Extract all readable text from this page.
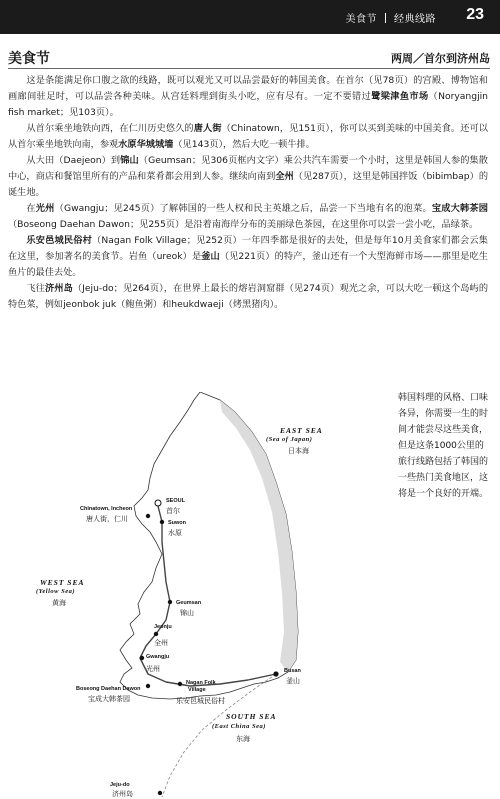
美食节 经典线路 23
美食节	两周／首尔到济州岛

这是条能满足你口腹之欲的线路，既可以观光又可以品尝最好的韩国美食。在首尔（见78页）的宫殿、博物馆和画廊间驻足时，可以品尝各种美味。从宫廷料理到街头小吃，应有尽有。一定不要错过鹭梁津鱼市场（Noryangjin fish market；见103页）。

从首尔乘坐地铁向西，在仁川历史悠久的唐人街（Chinatown，见151页），你可以买到美味的中国美食。还可以从首尔乘坐地铁向南，参观水原华城城墙（见143页），然后大吃一顿牛排。

从大田（Daejeon）到锦山（Geumsan；见306页框内文字）乘公共汽车需要一个小时，这里是韩国人参的集散中心，商店和餐馆里所有的产品和菜肴都会用到人参。继续向南到全州（见287页），这里是韩国拌饭（bibimbap）的诞生地。

在光州（Gwangju；见245页）了解韩国的一些人权和民主英雄之后，品尝一下当地有名的泡菜。宝成大韩茶园（Boseong Daehan Dawon；见255页）是沿着南海岸分布的美丽绿色茶园，在这里你可以尝一尝小吃，品绿茶。

乐安邑城民俗村（Nagan Folk Village；见252页）一年四季都是很好的去处，但是每年10月美食家们都会云集在这里，参加著名的美食节。岩鱼（ureok）是釜山（见221页）的特产，釜山还有一个大型海鲜市场——那里是吃生鱼片的最佳去处。

飞往济州岛（Jeju-do；见264页），在世界上最长的熔岩洞窟群（见274页）观光之余，可以大吃一顿这个岛屿的特色菜，例如jeonbok juk（鲍鱼粥）和heukdwaeji（烤黑猪肉）。

EAST SEA
(Sea of Japan)
日本海
WEST SEA
(Yellow Sea)
黄海
SOUTH SEA
(East China Sea)
东海
SEOUL
首尔
Chinatown, Incheon
唐人街，仁川	Suwon
水原
Geumsan
锦山
Jeonju
全州
Gwangju
光州
Boseong Daehan Dawon
宝成大韩茶园
Nagan Folk
Village
乐安邑城民俗村
Busan
釜山
Jeju-do
济州岛
韩国料理的风格、口味各异，你需要一生的时间才能尝尽这些美食，但是这条1000公里的旅行线路包括了韩国的一些热门美食地区，这将是一个良好的开端。
